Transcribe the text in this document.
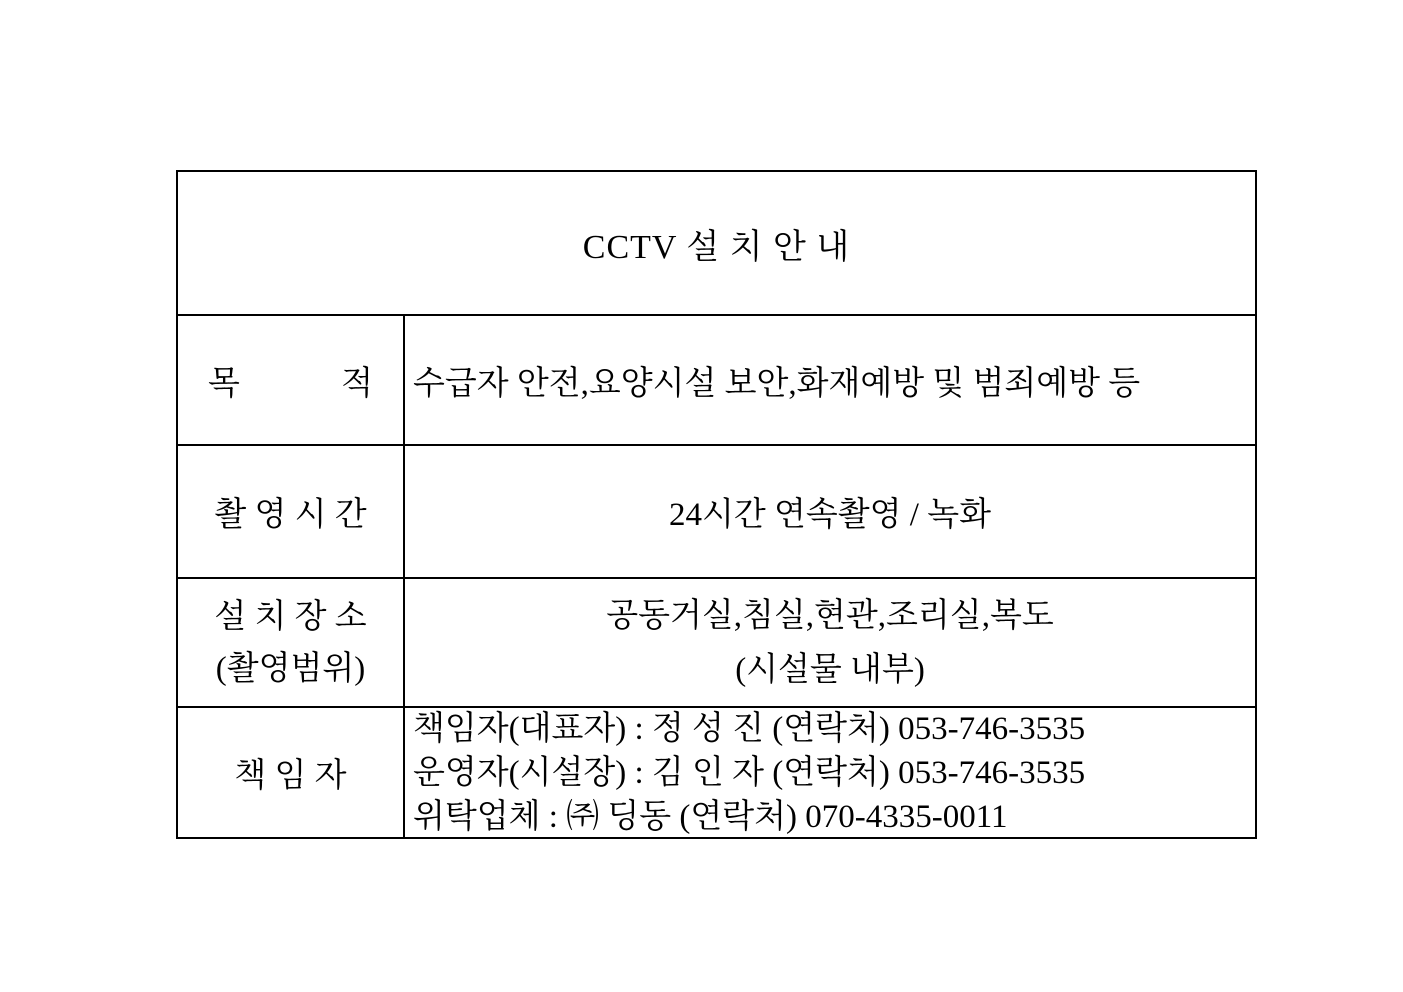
CCTV 설 치 안 내
목	적 수급자 안전,요양시설 보안,화재예방 및 범죄예방 등
촬 영 시 간	24시간 연속촬영 / 녹화
설 치 장 소
(촬영범위)
공동거실,침실,현관,조리실,복도
(시설물 내부)
책 임 자
책임자(대표자) : 정 성 진 (연락처) 053-746-3535
운영자(시설장) : 김 인 자 (연락처) 053-746-3535
위탁업체 : ㈜ 딩동 (연락처) 070-4335-0011
